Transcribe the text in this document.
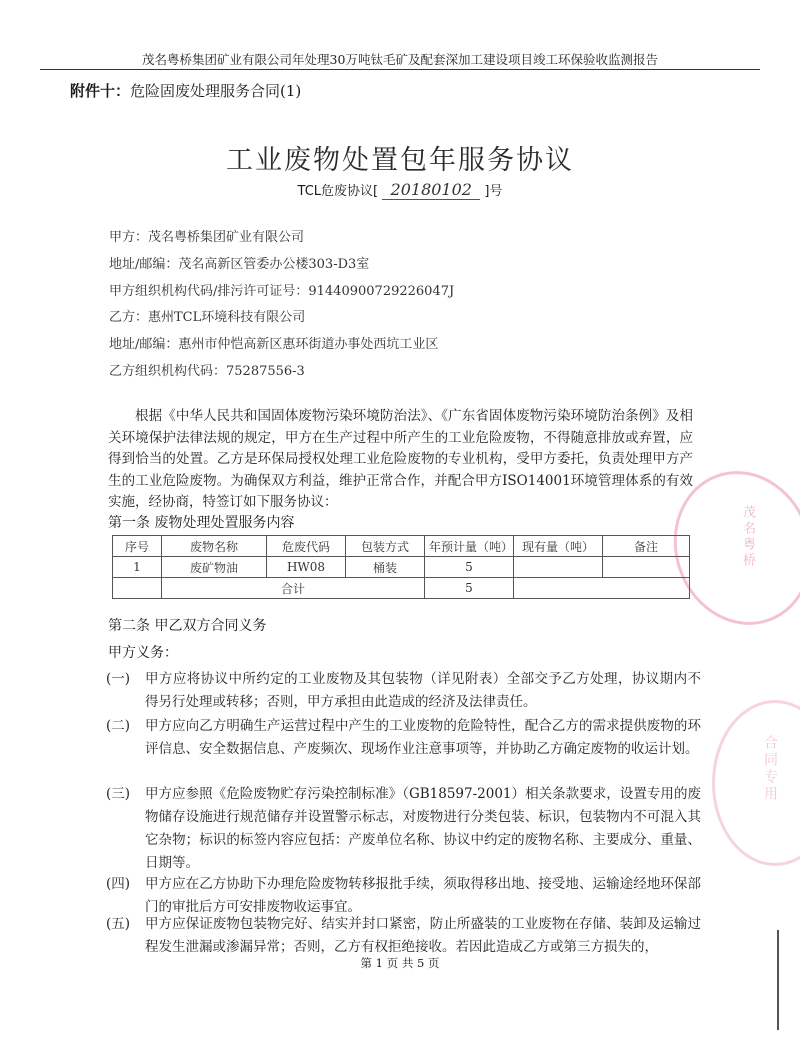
茂名粤桥集团矿业有限公司年处理30万吨钛毛矿及配套深加工建设项目竣工环保验收监测报告
附件十：危险固废处理服务合同(1)
工业废物处置包年服务协议
TCL危废协议[ 20180102 ]号
甲方：茂名粤桥集团矿业有限公司
地址/邮编：茂名高新区管委办公楼303-D3室
甲方组织机构代码/排污许可证号：91440900729226047J
乙方：惠州TCL环境科技有限公司
地址/邮编：惠州市仲恺高新区惠环街道办事处西坑工业区
乙方组织机构代码：75287556-3
根据《中华人民共和国固体废物污染环境防治法》、《广东省固体废物污染环境防治条例》及相关环境保护法律法规的规定，甲方在生产过程中所产生的工业危险废物，不得随意排放或弃置，应得到恰当的处置。乙方是环保局授权处理工业危险废物的专业机构，受甲方委托，负责处理甲方产生的工业危险废物。为确保双方利益，维护正常合作，并配合甲方ISO14001环境管理体系的有效实施，经协商，特签订如下服务协议：
第一条 废物处理处置服务内容
序号	废物名称	危废代码	包装方式	年预计量（吨）	现有量（吨）	备注
1	废矿物油	HW08	桶装	5		
	合计			5		
第二条 甲乙双方合同义务
甲方义务：
(一)	甲方应将协议中所约定的工业废物及其包装物（详见附表）全部交予乙方处理，协议期内不 得另行处理或转移；否则，甲方承担由此造成的经济及法律责任。
(二)	甲方应向乙方明确生产运营过程中产生的工业废物的危险特性，配合乙方的需求提供废物的环评信息、安全数据信息、产废频次、现场作业注意事项等，并协助乙方确定废物的收运计划。
(三)	甲方应参照《危险废物贮存污染控制标准》（GB18597-2001）相关条款要求，设置专用的废物储存设施进行规范储存并设置警示标志，对废物进行分类包装、标识，包装物内不可混入其它杂物；标识的标签内容应包括：产废单位名称、协议中约定的废物名称、主要成分、重量、日期等。
(四)	甲方应在乙方协助下办理危险废物转移报批手续，须取得移出地、接受地、运输途经地环保部门的审批后方可安排废物收运事宜。
(五)	甲方应保证废物包装物完好、结实并封口紧密，防止所盛装的工业废物在存储、装卸及运输过程发生泄漏或渗漏异常；否则，乙方有权拒绝接收。若因此造成乙方或第三方损失的，
第 1 页 共 5 页
茂名粤桥
合同专用
